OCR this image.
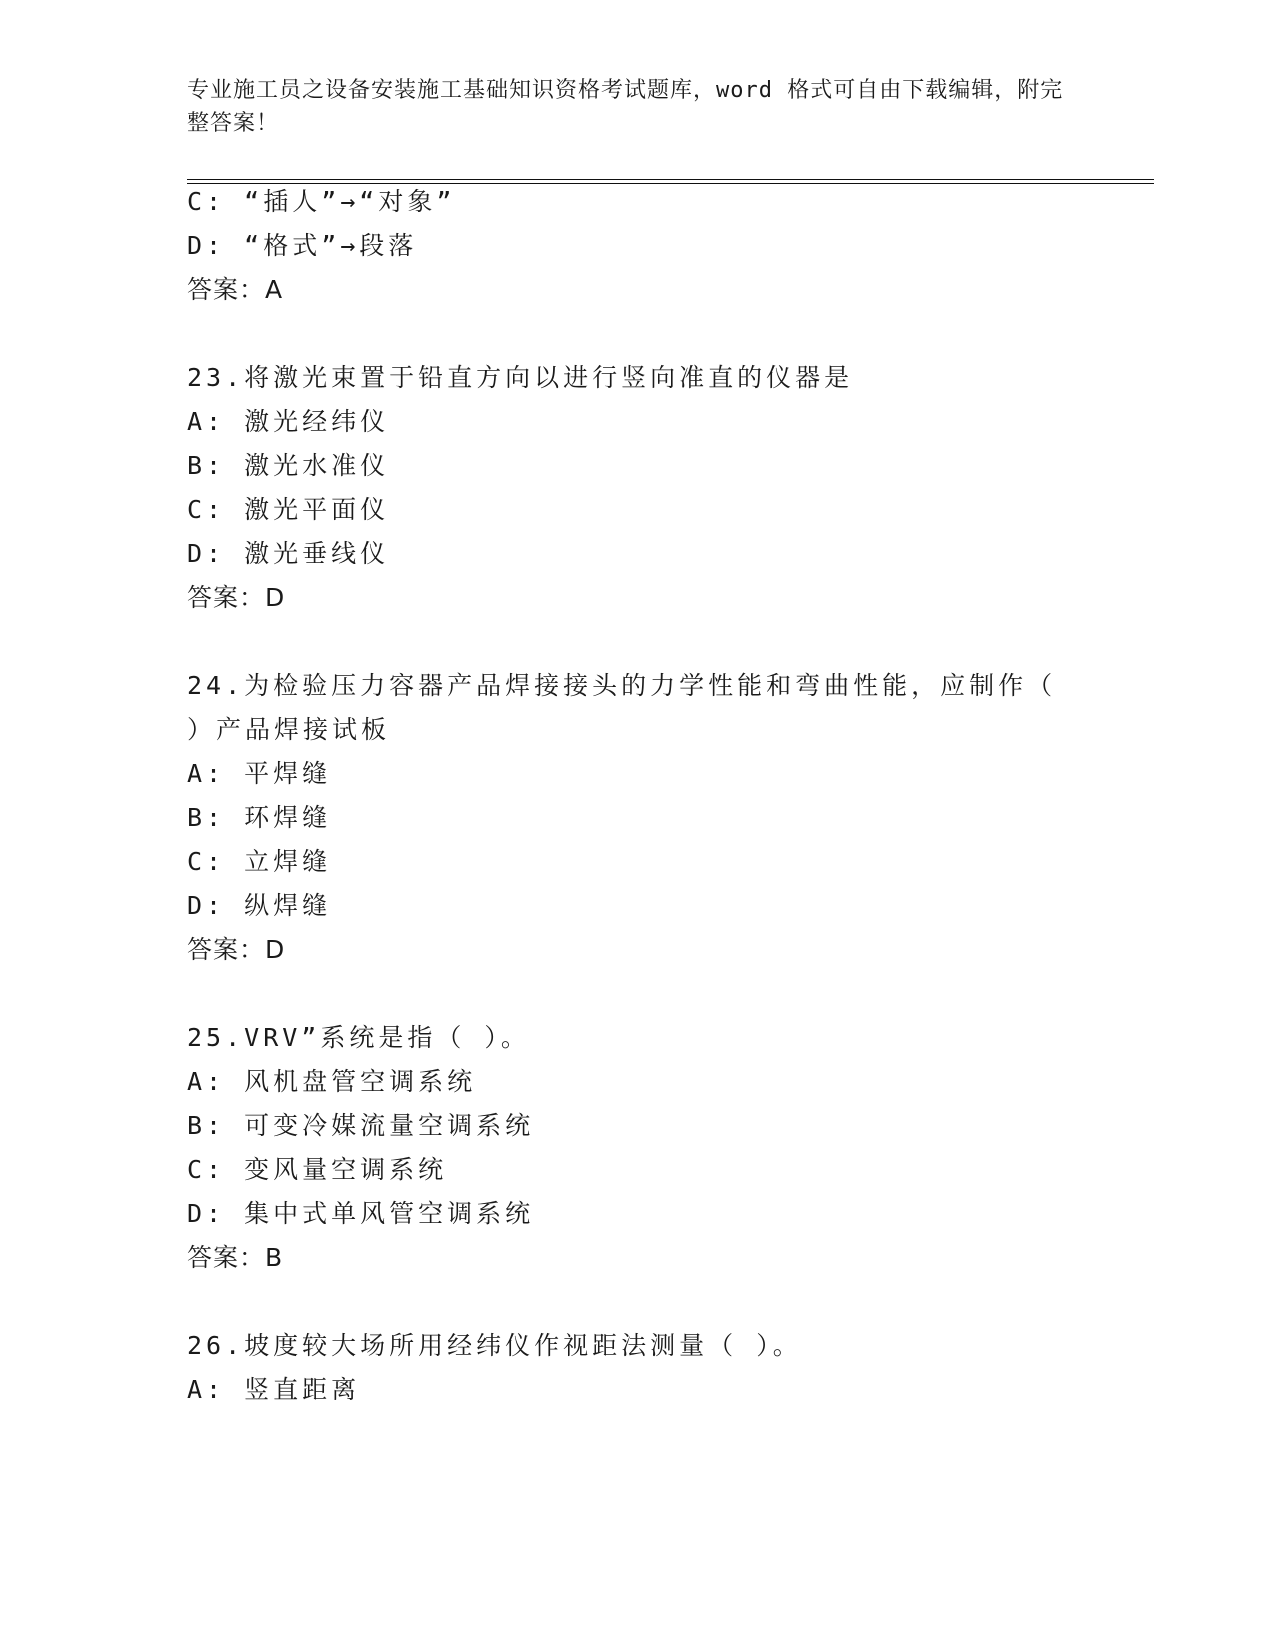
专业施工员之设备安装施工基础知识资格考试题库，word 格式可自由下载编辑，附完整答案！
C: “插人”→“对象”
D: “格式”→段落
答案：A
23.将激光束置于铅直方向以进行竖向准直的仪器是
A: 激光经纬仪
B: 激光水准仪
C: 激光平面仪
D: 激光垂线仪
答案：D
24.为检验压力容器产品焊接接头的力学性能和弯曲性能，应制作（
）产品焊接试板
A: 平焊缝
B: 环焊缝
C: 立焊缝
D: 纵焊缝
答案：D
25.VRV”系统是指（ ）。
A: 风机盘管空调系统
B: 可变冷媒流量空调系统
C: 变风量空调系统
D: 集中式单风管空调系统
答案：B
26.坡度较大场所用经纬仪作视距法测量（ ）。
A: 竖直距离
